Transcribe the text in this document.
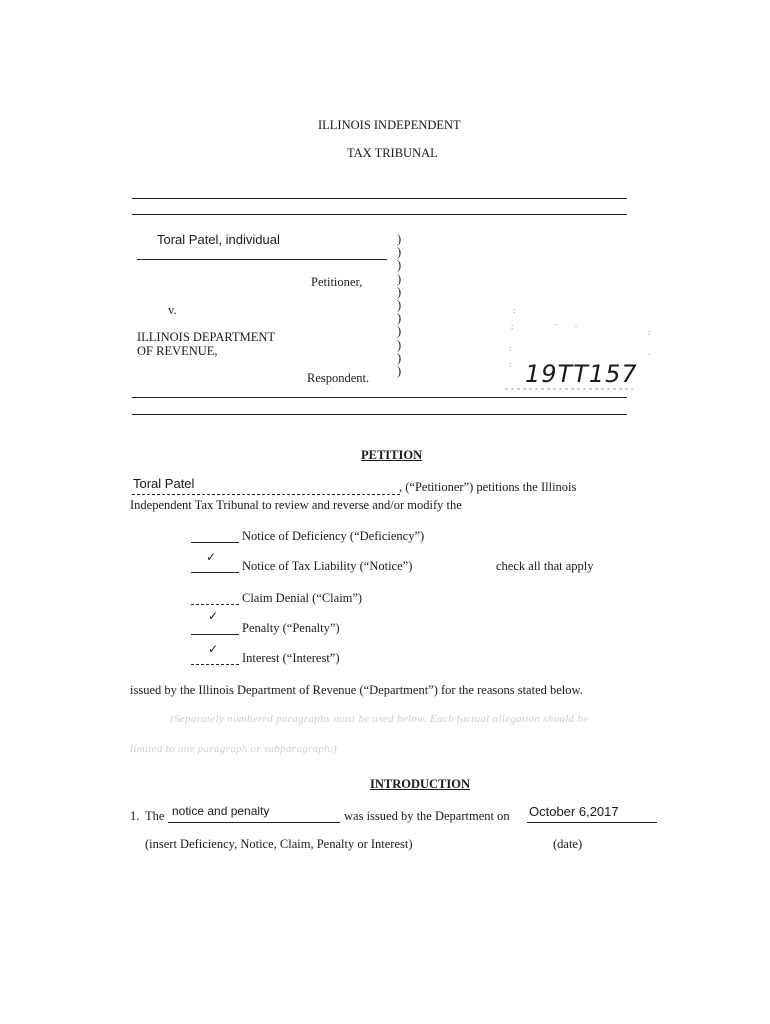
ILLINOIS INDEPENDENT
TAX TRIBUNAL
Toral Patel, individual
Petitioner,
v.
ILLINOIS DEPARTMENT
OF REVENUE,
Respondent.
)
)
)
)
)
)
)
)
)
)
)
:
:	. .
:
.
:
: 19TT157
PETITION
Toral Patel	, (“Petitioner”) petitions the Illinois
Independent Tax Tribunal to review and reverse and/or modify the
Notice of Deficiency (“Deficiency”)
✓
Notice of Tax Liability (“Notice”)	check all that apply
Claim Denial (“Claim”)
✓
Penalty (“Penalty”)
✓
Interest (“Interest”)
issued by the Illinois Department of Revenue (“Department”) for the reasons stated below.
(Separately numbered paragraphs must be used below. Each factual allegation should be
limited to one paragraph or subparagraph.)
INTRODUCTION
1. The notice and penalty	was issued by the Department on October 6,2017
(insert Deficiency, Notice, Claim, Penalty or Interest)	(date)
